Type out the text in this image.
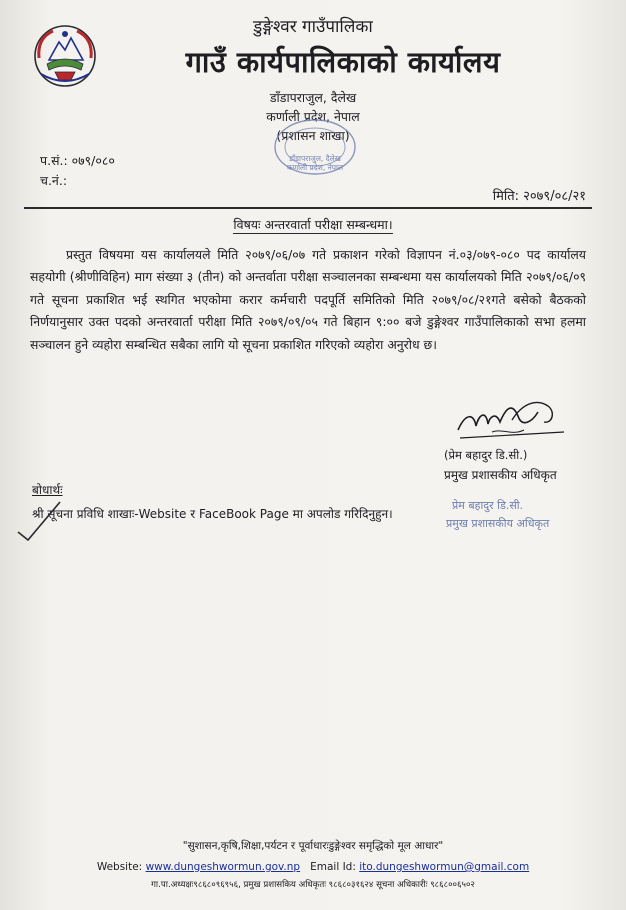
डुङ्गेश्वर गाउँपालिका
गाउँ कार्यपालिकाको कार्यालय
डाँडापराजुल, दैलेख
कर्णाली प्रदेश, नेपाल
(प्रशासन शाखा)
डाँडापराजुल, दैलेख
कर्णाली प्रदेश, नेपाल
प.सं.: ०७९/०८०
च.नं.:
मिति: २०७९/०८/२१
विषयः अन्तरवार्ता परीक्षा सम्बन्धमा।
प्रस्तुत विषयमा यस कार्यालयले मिति २०७९/०६/०७ गते प्रकाशन गरेको विज्ञापन नं.०३/०७९-०८० पद कार्यालय सहयोगी (श्रीणीविहिन) माग संख्या ३ (तीन) को अन्तर्वाता परीक्षा सञ्चालनका सम्बन्धमा यस कार्यालयको मिति २०७९/०६/०९ गते सूचना प्रकाशित भई स्थगित भएकोमा करार कर्मचारी पदपूर्ति समितिको मिति २०७९/०८/२१गते बसेको बैठकको निर्णयानुसार उक्त पदको अन्तरवार्ता परीक्षा मिति २०७९/०९/०५ गते बिहान ९:०० बजे डुङ्गेश्वर गाउँपालिकाको सभा हलमा सञ्चालन हुने व्यहोरा सम्बन्धित सबैका लागि यो सूचना प्रकाशित गरिएको व्यहोरा अनुरोध छ।
(प्रेम बहादुर डि.सी.)
प्रमुख प्रशासकीय अधिकृत
प्रेम बहादुर डि.सी.
प्रमुख प्रशासकीय अधिकृत
बोधार्थः
श्री सूचना प्रविधि शाखाः-Website र FaceBook Page मा अपलोड गरिदिनुहुन।
"सुशासन,कृषि,शिक्षा,पर्यटन र पूर्वाधारःडुङ्गेश्वर समृद्धिको मूल आधार"
Website: www.dungeshwormun.gov.np Email Id: ito.dungeshwormun@gmail.com
गा.पा.अध्यक्षः९८६८०९६९५६, प्रमुख प्रशासकिय अधिकृतः ९८६८०३१६२४ सूचना अधिकारीः ९८६८००६५०२
